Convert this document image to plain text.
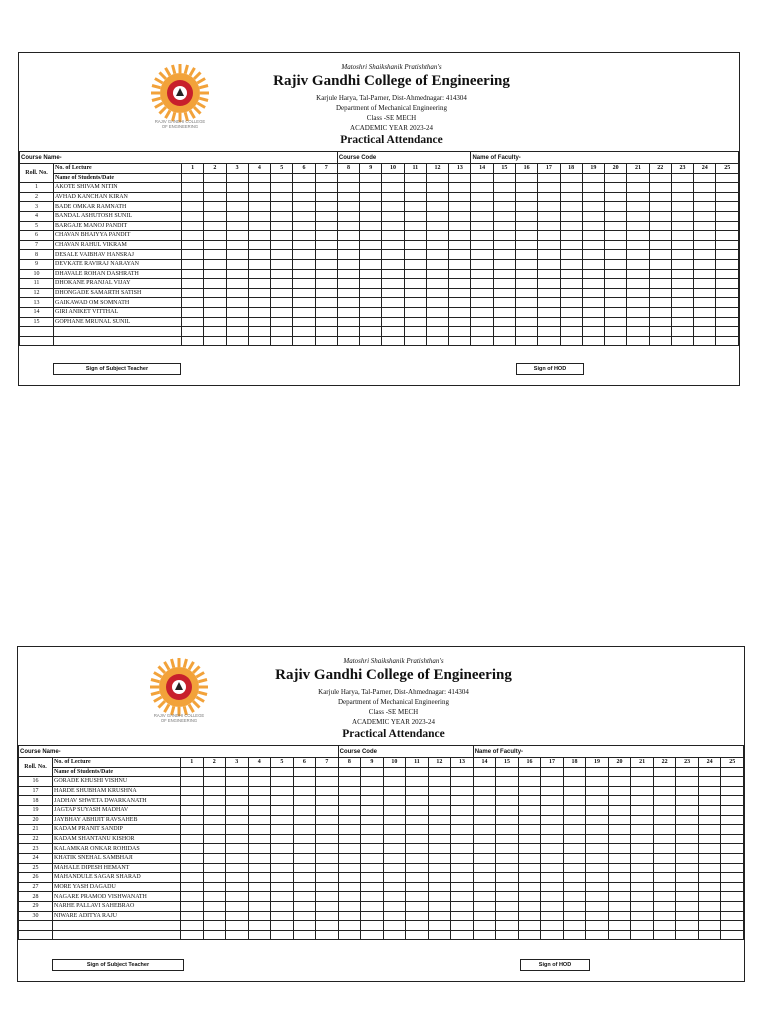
RAJIV GANDHI COLLEGE
OF ENGINEERING
Matoshri Shaikshanik Pratishthan's
Rajiv Gandhi College of Engineering
Karjule Harya, Tal-Parner, Dist-Ahmednagar: 414304
Department of Mechanical Engineering
Class -SE MECH
ACADEMIC YEAR 2023-24
Practical Attendance
Course Name-									Course Code						Name of Faculty-											
Roll. No.	No. of Lecture	1	2	3	4	5	6	7	8	9	10	11	12	13	14	15	16	17	18	19	20	21	22	23	24	25
	Name of Students/Date																									
1	AKOTE SHIVAM NITIN																									
2	AVHAD KANCHAN KIRAN																									
3	BADE OMKAR RAMNATH																									
4	BANDAL ASHUTOSH SUNIL																									
5	BARGAJE MANOJ PANDIT																									
6	CHAVAN BHAIYYA PANDIT																									
7	CHAVAN RAHUL VIKRAM																									
8	DESALE VAIBHAV HANSRAJ																									
9	DEVKATE RAVIRAJ NARAYAN																									
10	DHAVALE ROHAN DASHRATH																									
11	DHOKANE PRANJAL VIJAY																									
12	DHONGADE SAMARTH SATISH																									
13	GAIKAWAD OM SOMNATH																									
14	GIRI ANIKET VITTHAL																									
15	GOPHANE MRUNAL SUNIL																									

Sign of Subject Teacher	Sign of HOD
RAJIV GANDHI COLLEGE
OF ENGINEERING
Matoshri Shaikshanik Pratishthan's
Rajiv Gandhi College of Engineering
Karjule Harya, Tal-Parner, Dist-Ahmednagar: 414304
Department of Mechanical Engineering
Class -SE MECH
ACADEMIC YEAR 2023-24
Practical Attendance
Course Name-									Course Code						Name of Faculty-											
Roll. No.	No. of Lecture	1	2	3	4	5	6	7	8	9	10	11	12	13	14	15	16	17	18	19	20	21	22	23	24	25
	Name of Students/Date																									
16	GORADE KHUSHI VISHNU																									
17	HARDE SHUBHAM KRUSHNA																									
18	JADHAV SHWETA DWARKANATH																									
19	JAGTAP SUYASH MADHAV																									
20	JAYBHAY ABHIJIT RAVSAHEB																									
21	KADAM PRANIT SANDIP																									
22	KADAM SHANTANU KISHOR																									
23	KALAMKAR ONKAR ROHIDAS																									
24	KHATIK SNEHAL SAMBHAJI																									
25	MAHALE DIPESH HEMANT																									
26	MAHANDULE SAGAR SHARAD																									
27	MORE YASH DAGADU																									
28	NAGARE PRAMOD VISHWANATH																									
29	NARHE PALLAVI SAHEBRAO																									
30	NIWARE ADITYA RAJU																									

Sign of Subject Teacher	Sign of HOD
